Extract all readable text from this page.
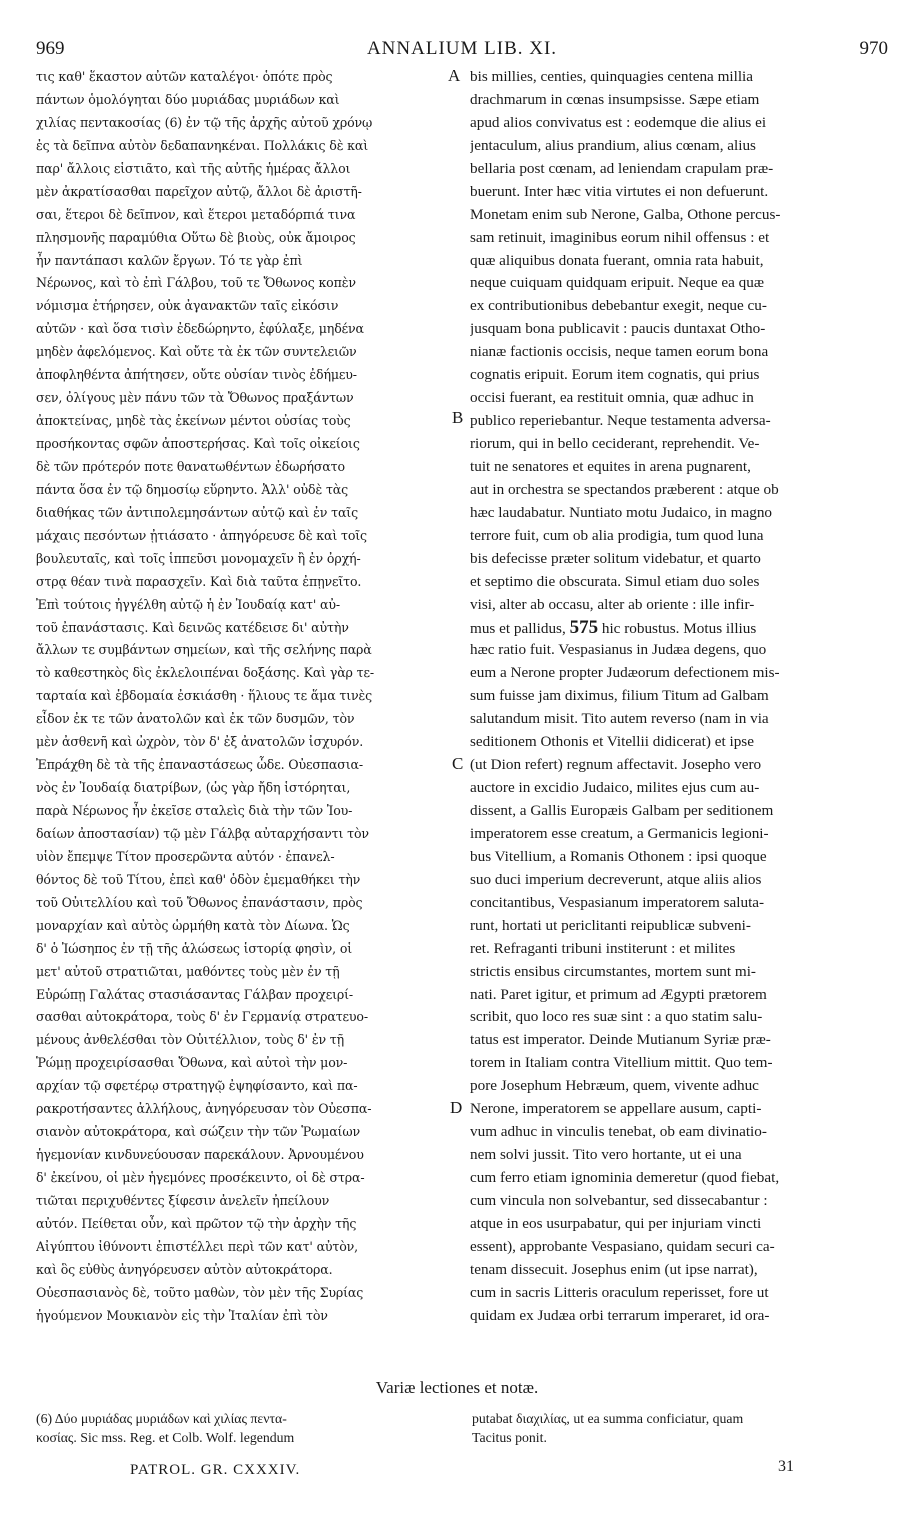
969	ANNALIUM LIB. XI.	970
A
B
C
D
τις καθ' ἕκαστον αὐτῶν καταλέγοι· ὁπότε πρὸς
πάντων ὁμολόγηται δύο μυριάδας μυριάδων καὶ
χιλίας πεντακοσίας (6) ἐν τῷ τῆς ἀρχῆς αὐτοῦ χρόνῳ
ἐς τὰ δεῖπνα αὐτὸν δεδαπανηκέναι. Πολλάκις δὲ καὶ
παρ' ἄλλοις εἱστιᾶτο, καὶ τῆς αὐτῆς ἡμέρας ἄλλοι
μὲν ἀκρατίσασθαι παρεῖχον αὐτῷ, ἄλλοι δὲ ἀριστῆ-
σαι, ἕτεροι δὲ δεῖπνον, καὶ ἕτεροι μεταδόρπιά τινα
πλησμονῆς παραμύθια Οὕτω δὲ βιοὺς, οὐκ ἄμοιρος
ἦν παντάπασι καλῶν ἔργων. Τό τε γὰρ ἐπὶ
Νέρωνος, καὶ τὸ ἐπὶ Γάλβου, τοῦ τε Ὄθωνος κοπὲν
νόμισμα ἐτήρησεν, οὐκ ἀγανακτῶν ταῖς εἰκόσιν
αὐτῶν · καὶ ὅσα τισὶν ἐδεδώρηντο, ἐφύλαξε, μηδένα
μηδὲν ἀφελόμενος. Καὶ οὔτε τὰ ἐκ τῶν συντελειῶν
ἀποφληθέντα ἀπήτησεν, οὔτε οὐσίαν τινὸς ἐδήμευ-
σεν, ὀλίγους μὲν πάνυ τῶν τὰ Ὄθωνος πραξάντων
ἀποκτείνας, μηδὲ τὰς ἐκείνων μέντοι οὐσίας τοὺς
προσήκοντας σφῶν ἀποστερήσας. Καὶ τοῖς οἰκείοις
δὲ τῶν πρότερόν ποτε θανατωθέντων ἐδωρήσατο
πάντα ὅσα ἐν τῷ δημοσίῳ εὕρηντο. Ἀλλ' οὐδὲ τὰς
διαθήκας τῶν ἀντιπολεμησάντων αὐτῷ καὶ ἐν ταῖς
μάχαις πεσόντων ᾐτιάσατο · ἀπηγόρευσε δὲ καὶ τοῖς
βουλευταῖς, καὶ τοῖς ἱππεῦσι μονομαχεῖν ἢ ἐν ὀρχή-
στρᾳ θέαν τινὰ παρασχεῖν. Καὶ διὰ ταῦτα ἐπῃνεῖτο.
Ἐπὶ τούτοις ἠγγέλθη αὐτῷ ἡ ἐν Ἰουδαίᾳ κατ' αὐ-
τοῦ ἐπανάστασις. Καὶ δεινῶς κατέδεισε δι' αὐτὴν
ἄλλων τε συμβάντων σημείων, καὶ τῆς σελήνης παρὰ
τὸ καθεστηκὸς δὶς ἐκλελοιπέναι δοξάσης. Καὶ γὰρ τε-
ταρταία καὶ ἑβδομαία ἐσκιάσθη · ἥλιους τε ἅμα τινὲς
εἶδον ἐκ τε τῶν ἀνατολῶν καὶ ἐκ τῶν δυσμῶν, τὸν
μὲν ἀσθενῆ καὶ ὠχρὸν, τὸν δ' ἐξ ἀνατολῶν ἰσχυρόν.
Ἐπράχθη δὲ τὰ τῆς ἐπαναστάσεως ὧδε. Οὐεσπασια-
νὸς ἐν Ἰουδαίᾳ διατρίβων, (ὡς γὰρ ἤδη ἱστόρηται,
παρὰ Νέρωνος ἦν ἐκεῖσε σταλεὶς διὰ τὴν τῶν Ἰου-
δαίων ἀποστασίαν) τῷ μὲν Γάλβᾳ αὐταρχήσαντι τὸν
υἱὸν ἔπεμψε Τίτον προσερῶντα αὐτόν · ἐπανελ-
θόντος δὲ τοῦ Τίτου, ἐπεὶ καθ' ὁδὸν ἐμεμαθήκει τὴν
τοῦ Οὐιτελλίου καὶ τοῦ Ὄθωνος ἐπανάστασιν, πρὸς
μοναρχίαν καὶ αὐτὸς ὡρμήθη κατὰ τὸν Δίωνα. Ὡς
δ' ὁ Ἰώσηπος ἐν τῇ τῆς ἁλώσεως ἱστορίᾳ φησὶν, οἱ
μετ' αὐτοῦ στρατιῶται, μαθόντες τοὺς μὲν ἐν τῇ
Εὐρώπῃ Γαλάτας στασιάσαντας Γάλβαν προχειρί-
σασθαι αὐτοκράτορα, τοὺς δ' ἐν Γερμανίᾳ στρατευο-
μένους ἀνθελέσθαι τὸν Οὐιτέλλιον, τοὺς δ' ἐν τῇ
Ῥώμῃ προχειρίσασθαι Ὄθωνα, καὶ αὐτοὶ τὴν μον-
αρχίαν τῷ σφετέρῳ στρατηγῷ ἐψηφίσαντο, καὶ πα-
ρακροτήσαντες ἀλλήλους, ἀνηγόρευσαν τὸν Οὐεσπα-
σιανὸν αὐτοκράτορα, καὶ σώζειν τὴν τῶν Ῥωμαίων
ἡγεμονίαν κινδυνεύουσαν παρεκάλουν. Ἀρνουμένου
δ' ἐκείνου, οἱ μὲν ἡγεμόνες προσέκειντο, οἱ δὲ στρα-
τιῶται περιχυθέντες ξίφεσιν ἀνελεῖν ἠπείλουν
αὐτόν. Πείθεται οὖν, καὶ πρῶτον τῷ τὴν ἀρχὴν τῆς
Αἰγύπτου ἰθύνοντι ἐπιστέλλει περὶ τῶν κατ' αὐτὸν,
καὶ ὃς εὐθὺς ἀνηγόρευσεν αὐτὸν αὐτοκράτορα.
Οὐεσπασιανὸς δὲ, τοῦτο μαθὼν, τὸν μὲν τῆς Συρίας
ἡγούμενον Μουκιανὸν εἰς τὴν Ἰταλίαν ἐπὶ τὸν
bis millies, centies, quinquagies centena millia
drachmarum in cœnas insumpsisse. Sæpe etiam
apud alios convivatus est : eodemque die alius ei
jentaculum, alius prandium, alius cœnam, alius
bellaria post cœnam, ad leniendam crapulam præ-
buerunt. Inter hæc vitia virtutes ei non defuerunt.
Monetam enim sub Nerone, Galba, Othone percus-
sam retinuit, imaginibus eorum nihil offensus : et
quæ aliquibus donata fuerant, omnia rata habuit,
neque cuiquam quidquam eripuit. Neque ea quæ
ex contributionibus debebantur exegit, neque cu-
jusquam bona publicavit : paucis duntaxat Otho-
nianæ factionis occisis, neque tamen eorum bona
cognatis eripuit. Eorum item cognatis, qui prius
occisi fuerant, ea restituit omnia, quæ adhuc in
publico reperiebantur. Neque testamenta adversa-
riorum, qui in bello ceciderant, reprehendit. Ve-
tuit ne senatores et equites in arena pugnarent,
aut in orchestra se spectandos præberent : atque ob
hæc laudabatur. Nuntiato motu Judaico, in magno
terrore fuit, cum ob alia prodigia, tum quod luna
bis defecisse præter solitum videbatur, et quarto
et septimo die obscurata. Simul etiam duo soles
visi, alter ab occasu, alter ab oriente : ille infir-
mus et pallidus, 575 hic robustus. Motus illius
hæc ratio fuit. Vespasianus in Judæa degens, quo
eum a Nerone propter Judæorum defectionem mis-
sum fuisse jam diximus, filium Titum ad Galbam
salutandum misit. Tito autem reverso (nam in via
seditionem Othonis et Vitellii didicerat) et ipse
(ut Dion refert) regnum affectavit. Josepho vero
auctore in excidio Judaico, milites ejus cum au-
dissent, a Gallis Europæis Galbam per seditionem
imperatorem esse creatum, a Germanicis legioni-
bus Vitellium, a Romanis Othonem : ipsi quoque
suo duci imperium decreverunt, atque aliis alios
concitantibus, Vespasianum imperatorem saluta-
runt, hortati ut periclitanti reipublicæ subveni-
ret. Refraganti tribuni institerunt : et milites
strictis ensibus circumstantes, mortem sunt mi-
nati. Paret igitur, et primum ad Ægypti prætorem
scribit, quo loco res suæ sint : a quo statim salu-
tatus est imperator. Deinde Mutianum Syriæ præ-
torem in Italiam contra Vitellium mittit. Quo tem-
pore Josephum Hebræum, quem, vivente adhuc
Nerone, imperatorem se appellare ausum, capti-
vum adhuc in vinculis tenebat, ob eam divinatio-
nem solvi jussit. Tito vero hortante, ut ei una
cum ferro etiam ignominia demeretur (quod fiebat,
cum vincula non solvebantur, sed dissecabantur :
atque in eos usurpabatur, qui per injuriam vincti
essent), approbante Vespasiano, quidam securi ca-
tenam dissecuit. Josephus enim (ut ipse narrat),
cum in sacris Litteris oraculum reperisset, fore ut
quidam ex Judæa orbi terrarum imperaret, id ora-
Variæ lectiones et notæ.
(6) Δύο μυριάδας μυριάδων καὶ χιλίας πεντα-
κοσίας. Sic mss. Reg. et Colb. Wolf. legendum
putabat διαχιλίας, ut ea summa conficiatur, quam
Tacitus ponit.
PATROL. GR. CXXXIV.	31
